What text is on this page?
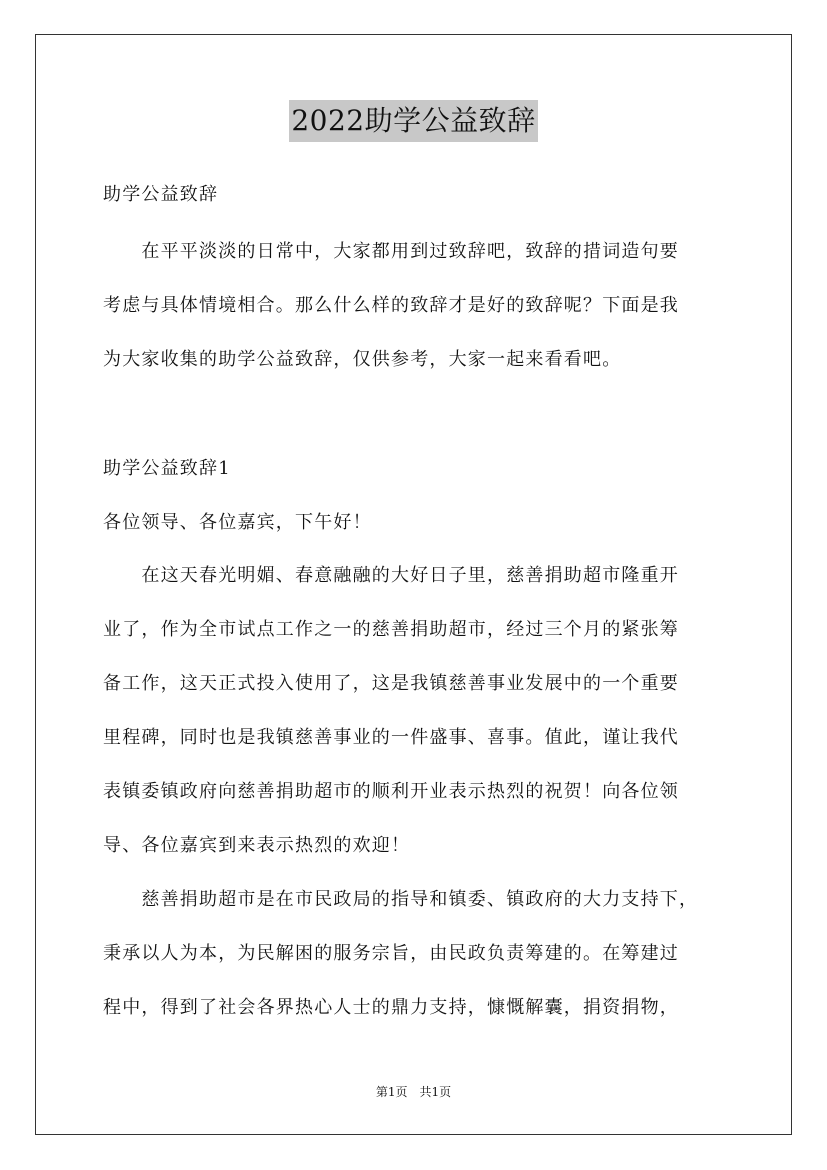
2022助学公益致辞
助学公益致辞
　　在平平淡淡的日常中，大家都用到过致辞吧，致辞的措词造句要
考虑与具体情境相合。那么什么样的致辞才是好的致辞呢？下面是我
为大家收集的助学公益致辞，仅供参考，大家一起来看看吧。
助学公益致辞1
各位领导、各位嘉宾，下午好！
　　在这天春光明媚、春意融融的大好日子里，慈善捐助超市隆重开
业了，作为全市试点工作之一的慈善捐助超市，经过三个月的紧张筹
备工作，这天正式投入使用了，这是我镇慈善事业发展中的一个重要
里程碑，同时也是我镇慈善事业的一件盛事、喜事。值此，谨让我代
表镇委镇政府向慈善捐助超市的顺利开业表示热烈的祝贺！向各位领
导、各位嘉宾到来表示热烈的欢迎！
　　慈善捐助超市是在市民政局的指导和镇委、镇政府的大力支持下，
秉承以人为本，为民解困的服务宗旨，由民政负责筹建的。在筹建过
程中，得到了社会各界热心人士的鼎力支持，慷慨解囊，捐资捐物，
第1页　共1页
